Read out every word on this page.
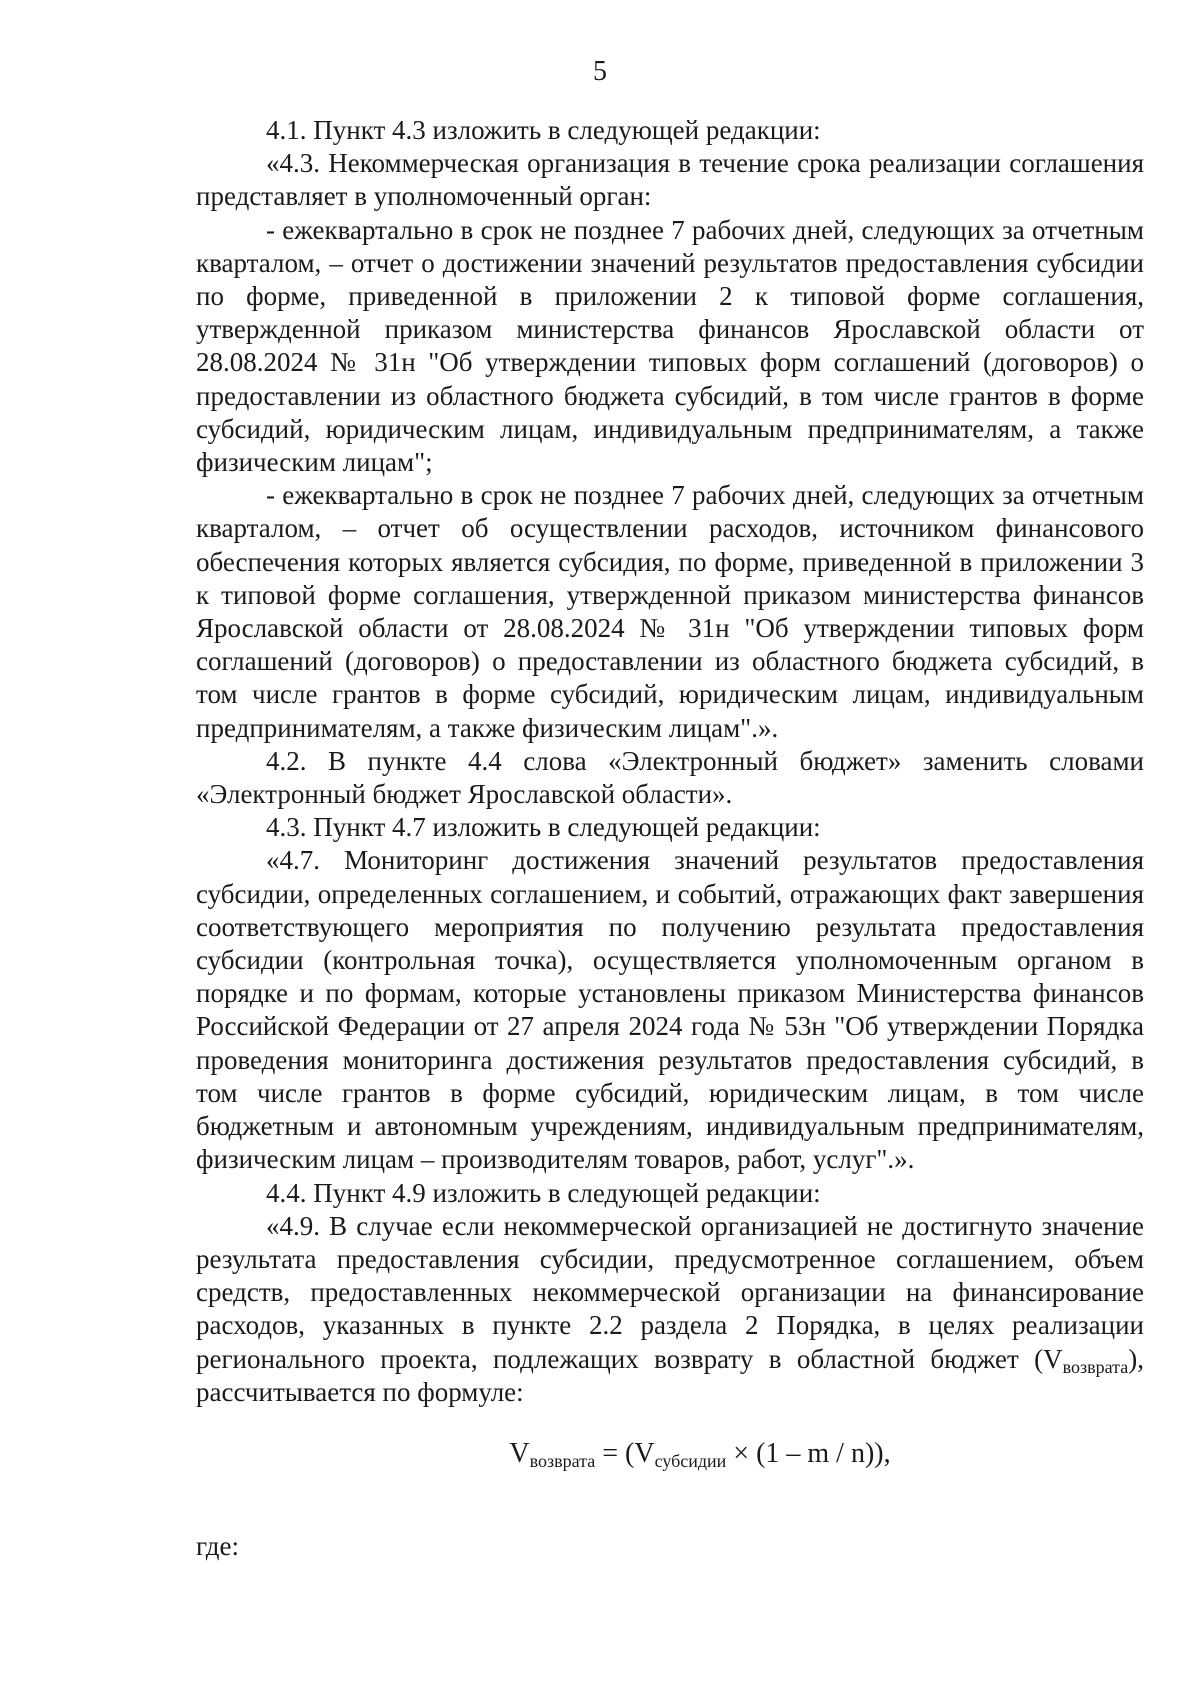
5

4.1. Пункт 4.3 изложить в следующей редакции:

«4.3. Некоммерческая организация в течение срока реализации соглашения представляет в уполномоченный орган:

- ежеквартально в срок не позднее 7 рабочих дней, следующих за отчетным кварталом, – отчет о достижении значений результатов предоставления субсидии по форме, приведенной в приложении 2 к типовой форме соглашения, утвержденной приказом министерства финансов Ярославской области от 28.08.2024 № 31н "Об утверждении типовых форм соглашений (договоров) о предоставлении из областного бюджета субсидий, в том числе грантов в форме субсидий, юридическим лицам, индивидуальным предпринимателям, а также физическим лицам";

- ежеквартально в срок не позднее 7 рабочих дней, следующих за отчетным кварталом, – отчет об осуществлении расходов, источником финансового обеспечения которых является субсидия, по форме, приведенной в приложении 3 к типовой форме соглашения, утвержденной приказом министерства финансов Ярославской области от 28.08.2024 № 31н "Об утверждении типовых форм соглашений (договоров) о предоставлении из областного бюджета субсидий, в том числе грантов в форме субсидий, юридическим лицам, индивидуальным предпринимателям, а также физическим лицам".».

4.2. В пункте 4.4 слова «Электронный бюджет» заменить словами «Электронный бюджет Ярославской области».

4.3. Пункт 4.7 изложить в следующей редакции:

«4.7. Мониторинг достижения значений результатов предоставления субсидии, определенных соглашением, и событий, отражающих факт завершения соответствующего мероприятия по получению результата предоставления субсидии (контрольная точка), осуществляется уполномоченным органом в порядке и по формам, которые установлены приказом Министерства финансов Российской Федерации от 27 апреля 2024 года № 53н "Об утверждении Порядка проведения мониторинга достижения результатов предоставления субсидий, в том числе грантов в форме субсидий, юридическим лицам, в том числе бюджетным и автономным учреждениям, индивидуальным предпринимателям, физическим лицам – производителям товаров, работ, услуг".».

4.4. Пункт 4.9 изложить в следующей редакции:

«4.9. В случае если некоммерческой организацией не достигнуто значение результата предоставления субсидии, предусмотренное соглашением, объем средств, предоставленных некоммерческой организации на финансирование расходов, указанных в пункте 2.2 раздела 2 Порядка, в целях реализации регионального проекта, подлежащих возврату в областной бюджет $(V_{возврата})$, рассчитывается по формуле:

$V_{возврата} = (V_{субсидии} \times (1 - m / n))$,

где:
